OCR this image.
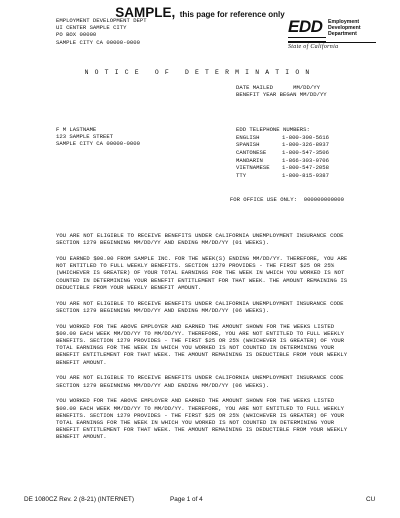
SAMPLE, this page for reference only
EMPLOYMENT DEVELOPMENT DEPT
UI CENTER SAMPLE CITY
PO BOX 00000
SAMPLE CITY CA 00000-0000
EDD Employment
Development
Department
State of California
NOTICE OF DETERMINATION
DATE MAILED	MM/DD/YY
BENEFIT YEAR BEGAN MM/DD/YY
F M LASTNAME
123 SAMPLE STREET
SAMPLE CITY CA 00000-0000
EDD TELEPHONE NUMBERS:
ENGLISH	1-800-300-5616
SPANISH	1-800-326-8937
CANTONESE	1-800-547-3506
MANDARIN	1-866-303-0706
VIETNAMESE	1-800-547-2058
TTY	1-800-815-9387
FOR OFFICE USE ONLY:  000000000000

YOU ARE NOT ELIGIBLE TO RECEIVE BENEFITS UNDER CALIFORNIA UNEMPLOYMENT INSURANCE CODE SECTION 1279 BEGINNING MM/DD/YY AND ENDING MM/DD/YY (01 WEEKS).

YOU EARNED $00.00 FROM SAMPLE INC. FOR THE WEEK(S) ENDING MM/DD/YY. THEREFORE, YOU ARE NOT ENTITLED TO FULL WEEKLY BENEFITS. SECTION 1279 PROVIDES - THE FIRST $25 OR 25% (WHICHEVER IS GREATER) OF YOUR TOTAL EARNINGS FOR THE WEEK IN WHICH YOU WORKED IS NOT COUNTED IN DETERMINING YOUR BENEFIT ENTITLEMENT FOR THAT WEEK. THE AMOUNT REMAINING IS DEDUCTIBLE FROM YOUR WEEKLY BENEFIT AMOUNT.

YOU ARE NOT ELIGIBLE TO RECEIVE BENEFITS UNDER CALIFORNIA UNEMPLOYMENT INSURANCE CODE SECTION 1279 BEGINNING MM/DD/YY AND ENDING MM/DD/YY (06 WEEKS).

YOU WORKED FOR THE ABOVE EMPLOYER AND EARNED THE AMOUNT SHOWN FOR THE WEEKS LISTED $00.00 EACH WEEK MM/DD/YY TO MM/DD/YY. THEREFORE, YOU ARE NOT ENTITLED TO FULL WEEKLY BENEFITS. SECTION 1279 PROVIDES - THE FIRST $25 OR 25% (WHICHEVER IS GREATER) OF YOUR TOTAL EARNINGS FOR THE WEEK IN WHICH YOU WORKED IS NOT COUNTED IN DETERMINING YOUR BENEFIT ENTITLEMENT FOR THAT WEEK. THE AMOUNT REMAINING IS DEDUCTIBLE FROM YOUR WEEKLY BENEFIT AMOUNT.

YOU ARE NOT ELIGIBLE TO RECEIVE BENEFITS UNDER CALIFORNIA UNEMPLOYMENT INSURANCE CODE SECTION 1279 BEGINNING MM/DD/YY AND ENDING MM/DD/YY (06 WEEKS).

YOU WORKED FOR THE ABOVE EMPLOYER AND EARNED THE AMOUNT SHOWN FOR THE WEEKS LISTED $00.00 EACH WEEK MM/DD/YY TO MM/DD/YY. THEREFORE, YOU ARE NOT ENTITLED TO FULL WEEKLY BENEFITS. SECTION 1279 PROVIDES - THE FIRST $25 OR 25% (WHICHEVER IS GREATER) OF YOUR TOTAL EARNINGS FOR THE WEEK IN WHICH YOU WORKED IS NOT COUNTED IN DETERMINING YOUR BENEFIT ENTITLEMENT FOR THAT WEEK. THE AMOUNT REMAINING IS DEDUCTIBLE FROM YOUR WEEKLY BENEFIT AMOUNT.

DE 1080CZ Rev. 2 (8-21) (INTERNET)	Page 1 of 4	CU
